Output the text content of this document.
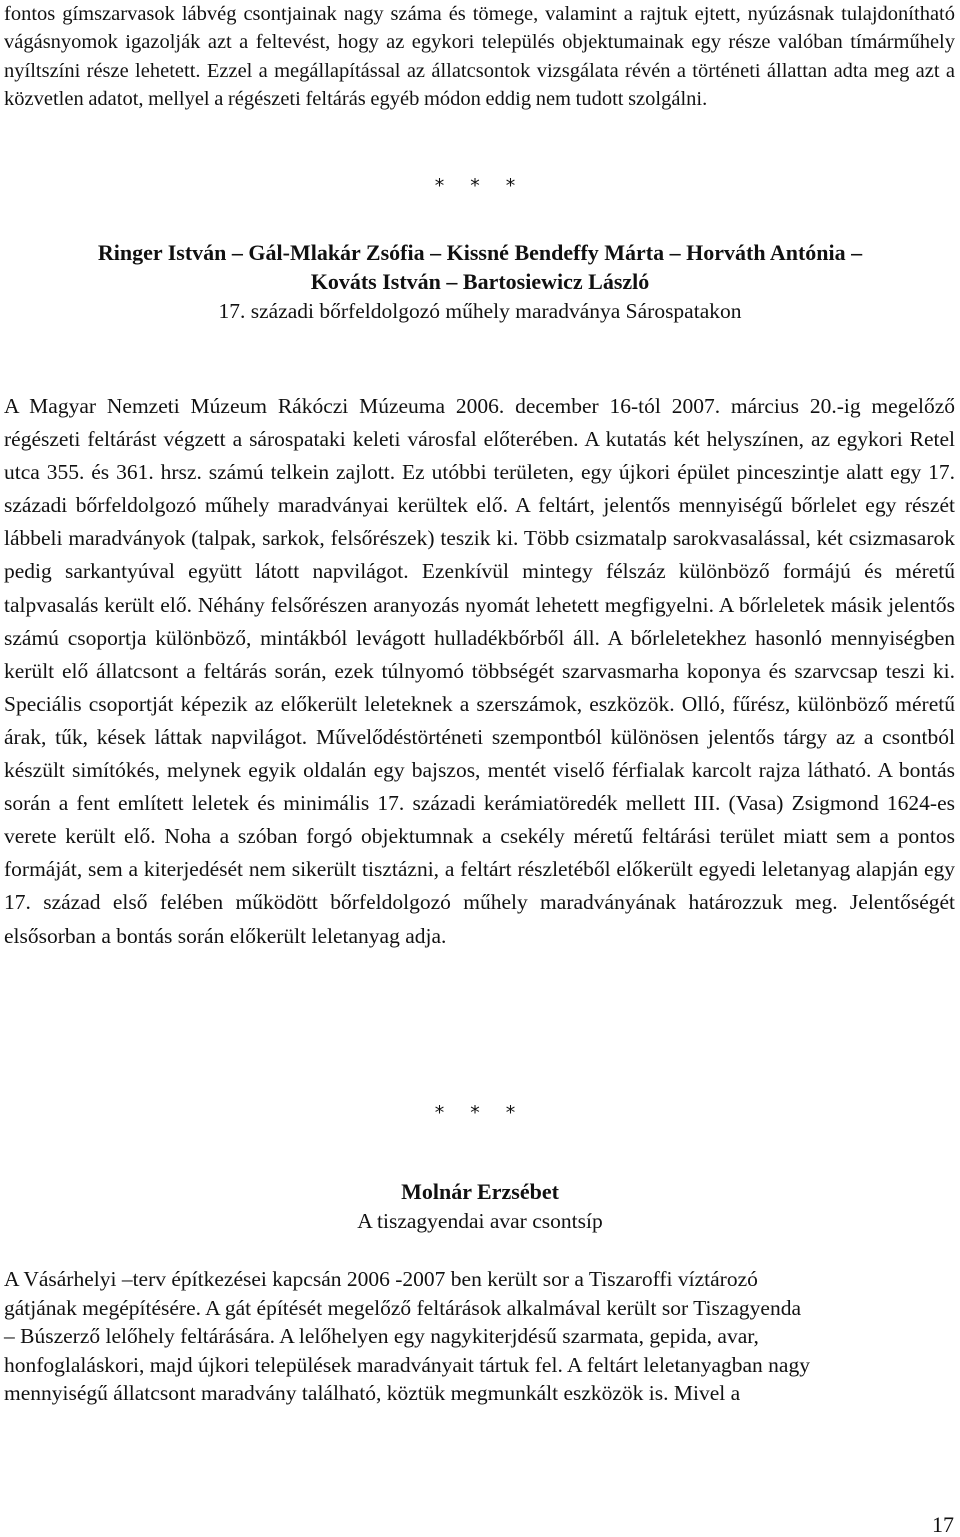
fontos gímszarvasok lábvég csontjainak nagy száma és tömege, valamint a rajtuk ejtett, nyúzásnak tulajdonítható vágásnyomok igazolják azt a feltevést, hogy az egykori település objektumainak egy része valóban tímárműhely nyíltszíni része lehetett. Ezzel a megállapítással az állatcsontok vizsgálata révén a történeti állattan adta meg azt a közvetlen adatot, mellyel a régészeti feltárás egyéb módon eddig nem tudott szolgálni.

* * *
Ringer István – Gál-Mlakár Zsófia – Kissné Bendeffy Márta – Horváth Antónia –
Kováts István – Bartosiewicz László
17. századi bőrfeldolgozó műhely maradványa Sárospatakon

A Magyar Nemzeti Múzeum Rákóczi Múzeuma 2006. december 16-tól 2007. március 20.-ig megelőző régészeti feltárást végzett a sárospataki keleti városfal előterében. A kutatás két helyszínen, az egykori Retel utca 355. és 361. hrsz. számú telkein zajlott. Ez utóbbi területen, egy újkori épület pinceszintje alatt egy 17. századi bőrfeldolgozó műhely maradványai kerültek elő. A feltárt, jelentős mennyiségű bőrlelet egy részét lábbeli maradványok (talpak, sarkok, felsőrészek) teszik ki. Több csizmatalp sarokvasalással, két csizmasarok pedig sarkantyúval együtt látott napvilágot. Ezenkívül mintegy félszáz különböző formájú és méretű talpvasalás került elő. Néhány felsőrészen aranyozás nyomát lehetett megfigyelni. A bőrleletek másik jelentős számú csoportja különböző, mintákból levágott hulladékbőrből áll. A bőrleletekhez hasonló mennyiségben került elő állatcsont a feltárás során, ezek túlnyomó többségét szarvasmarha koponya és szarvcsap teszi ki. Speciális csoportját képezik az előkerült leleteknek a szerszámok, eszközök. Olló, fűrész, különböző méretű árak, tűk, kések láttak napvilágot. Művelődéstörténeti szempontból különösen jelentős tárgy az a csontból készült simítókés, melynek egyik oldalán egy bajszos, mentét viselő férfialak karcolt rajza látható. A bontás során a fent említett leletek és minimális 17. századi kerámiatöredék mellett III. (Vasa) Zsigmond 1624-es verete került elő. Noha a szóban forgó objektumnak a csekély méretű feltárási terület miatt sem a pontos formáját, sem a kiterjedését nem sikerült tisztázni, a feltárt részletéből előkerült egyedi leletanyag alapján egy 17. század első felében működött bőrfeldolgozó műhely maradványának határozzuk meg. Jelentőségét elsősorban a bontás során előkerült leletanyag adja.

* * *
Molnár Erzsébet
A tiszagyendai avar csontsíp
A Vásárhelyi –terv építkezései kapcsán 2006 -2007 ben került sor a Tiszaroffi víztározó
gátjának megépítésére. A gát építését megelőző feltárások alkalmával került sor Tiszagyenda
– Búszerző lelőhely feltárására. A lelőhelyen egy nagykiterjdésű szarmata, gepida, avar,
honfoglaláskori, majd újkori települések maradványait tártuk fel. A feltárt leletanyagban nagy
mennyiségű állatcsont maradvány található, köztük megmunkált eszközök is. Mivel a
17
